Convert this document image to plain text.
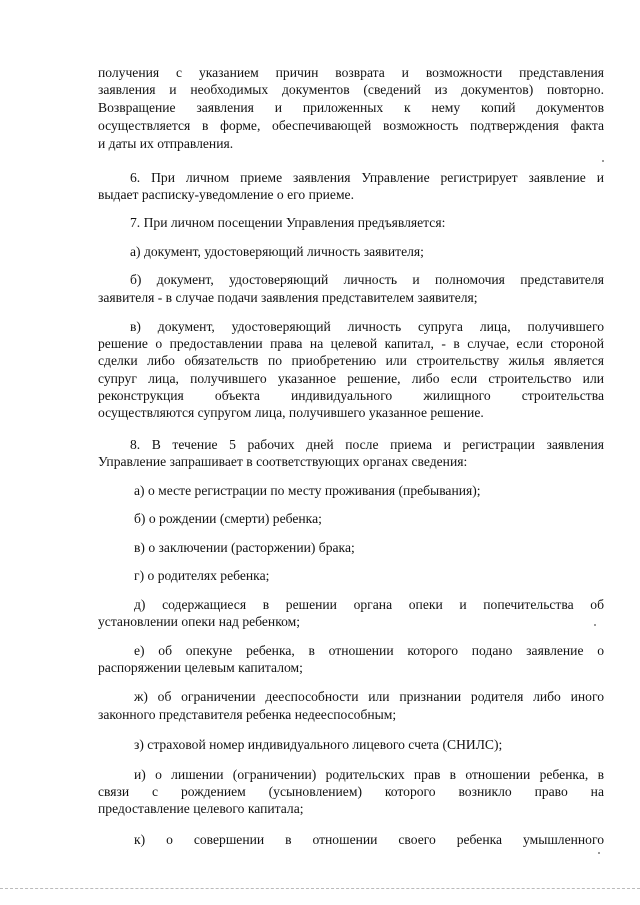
получения с указанием причин возврата и возможности представления
заявления и необходимых документов (сведений из документов) повторно.
Возвращение заявления и приложенных к нему копий документов
осуществляется в форме, обеспечивающей возможность подтверждения факта
и даты их отправления.
6. При личном приеме заявления Управление регистрирует заявление и
выдает расписку-уведомление о его приеме.
7. При личном посещении Управления предъявляется:
а) документ, удостоверяющий личность заявителя;
б) документ, удостоверяющий личность и полномочия представителя
заявителя - в случае подачи заявления представителем заявителя;
в) документ, удостоверяющий личность супруга лица, получившего
решение о предоставлении права на целевой капитал, - в случае, если стороной
сделки либо обязательств по приобретению или строительству жилья является
супруг лица, получившего указанное решение, либо если строительство или
реконструкция объекта индивидуального жилищного строительства
осуществляются супругом лица, получившего указанное решение.
8. В течение 5 рабочих дней после приема и регистрации заявления
Управление запрашивает в соответствующих органах сведения:
а) о месте регистрации по месту проживания (пребывания);
б) о рождении (смерти) ребенка;
в) о заключении (расторжении) брака;
г) о родителях ребенка;
д) содержащиеся в решении органа опеки и попечительства об
установлении опеки над ребенком;
е) об опекуне ребенка, в отношении которого подано заявление о
распоряжении целевым капиталом;
ж) об ограничении дееспособности или признании родителя либо иного
законного представителя ребенка недееспособным;
з) страховой номер индивидуального лицевого счета (СНИЛС);
и) о лишении (ограничении) родительских прав в отношении ребенка, в
связи с рождением (усыновлением) которого возникло право на
предоставление целевого капитала;
к) о совершении в отношении своего ребенка умышленного
